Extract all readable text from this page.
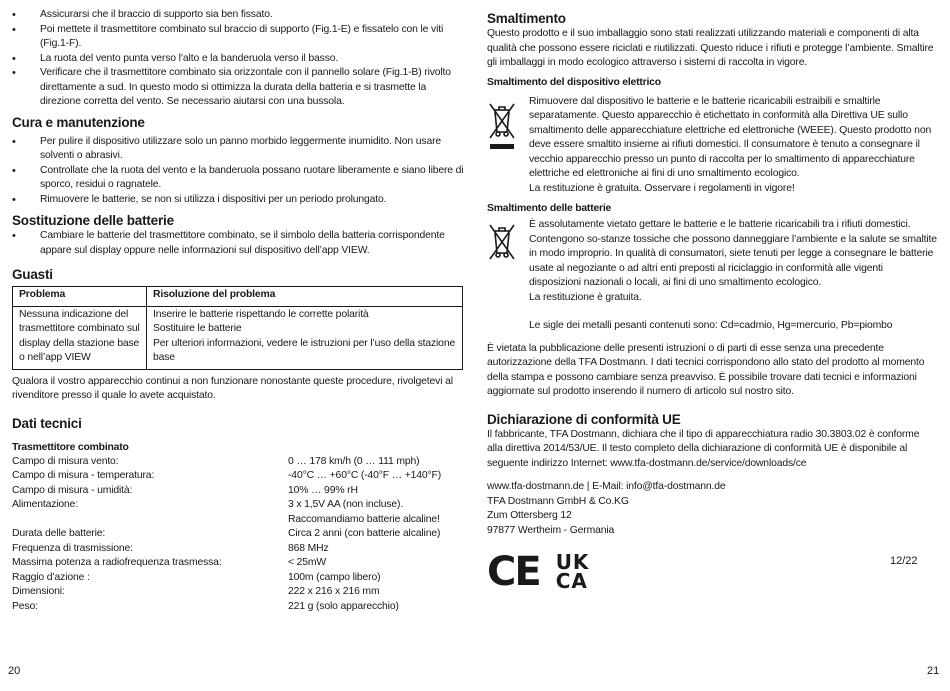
• Assicurarsi che il braccio di supporto sia ben fissato.
• Poi mettete il trasmettitore combinato sul braccio di supporto (Fig.1-E) e fissatelo con le viti (Fig.1-F).
• La ruota del vento punta verso l’alto e la banderuola verso il basso.
• Verificare che il trasmettitore combinato sia orizzontale con il pannello solare (Fig.1-B) rivolto direttamente a sud. In questo modo si ottimizza la durata della batteria e si trasmette la direzione corretta del vento. Se necessario aiutarsi con una bussola.
Cura e manutenzione
• Per pulire il dispositivo utilizzare solo un panno morbido leggermente inumidito. Non usare solventi o abrasivi.
• Controllate che la ruota del vento e la banderuola possano ruotare liberamente e siano libere di sporco, residui o ragnatele.
• Rimuovere le batterie, se non si utilizza i dispositivi per un periodo prolungato.
Sostituzione delle batterie
• Cambiare le batterie del trasmettitore combinato, se il simbolo della batteria corrispondente appare sul display oppure nelle informazioni sul dispositivo dell’app VIEW.
Guasti
Problema	Risoluzione del problema
Nessuna indicazione del trasmettitore combinato sul display della stazione base o nell’app VIEW	Inserire le batterie rispettando le corrette polarità
Sostituire le batterie
Per ulteriori informazioni, vedere le istruzioni per l’uso della stazione base
Qualora il vostro apparecchio continui a non funzionare nonostante queste procedure, rivolgetevi al rivenditore presso il quale lo avete acquistato.
Dati tecnici
Trasmettitore combinato
Campo di misura vento:	0 … 178 km/h (0 … 111 mph)
Campo di misura - temperatura:	-40°C … +60°C (-40°F … +140°F)
Campo di misura - umidità:	10% … 99% rH
Alimentazione:	3 x 1,5V AA (non incluse).
	Raccomandiamo batterie alcaline!
Durata delle batterie:	Circa 2 anni (con batterie alcaline)
Frequenza di trasmissione:	868 MHz
Massima potenza a radiofrequenza trasmessa:	< 25mW
Raggio d’azione :	100m (campo libero)
Dimensioni:	222 x 216 x 216 mm
Peso:	221 g (solo apparecchio)
20
Smaltimento
Questo prodotto e il suo imballaggio sono stati realizzati utilizzando materiali e componenti di alta qualità che possono essere riciclati e riutilizzati. Questo riduce i rifiuti e protegge l’ambiente. Smaltire gli imballaggi in modo ecologico attraverso i sistemi di raccolta in vigore.
Smaltimento del dispositivo elettrico
Rimuovere dal dispositivo le batterie e le batterie ricaricabili estraibili e smaltirle separatamente. Questo apparecchio è etichettato in conformità alla Direttiva UE sullo smaltimento delle apparecchiature elettriche ed elettroniche (WEEE). Questo prodotto non deve essere smaltito insieme ai rifiuti domestici. Il consumatore è tenuto a consegnare il vecchio apparecchio presso un punto di raccolta per lo smaltimento di apparecchiature elettriche ed elettroniche ai fini di uno smaltimento ecologico.
La restituzione è gratuita. Osservare i regolamenti in vigore!
Smaltimento delle batterie
È assolutamente vietato gettare le batterie e le batterie ricaricabili tra i rifiuti domestici. Contengono so-stanze tossiche che possono danneggiare l’ambiente e la salute se smaltite in modo improprio. In qualità di consumatori, siete tenuti per legge a consegnare le batterie usate al negoziante o ad altri enti preposti al riciclaggio in conformità alle vigenti disposizioni nazionali o locali, ai fini di uno smaltimento ecologico.
La restituzione è gratuita.
Le sigle dei metalli pesanti contenuti sono: Cd=cadmio, Hg=mercurio, Pb=piombo
È vietata la pubblicazione delle presenti istruzioni o di parti di esse senza una precedente autorizzazione della TFA Dostmann. I dati tecnici corrispondono allo stato del prodotto al momento della stampa e possono cambiare senza preavviso. È possibile trovare dati tecnici e informazioni aggiornate sul prodotto inserendo il numero di articolo sul nostro sito.
Dichiarazione di conformità UE
Il fabbricante, TFA Dostmann, dichiara che il tipo di apparecchiatura radio 30.3803.02 è conforme alla direttiva 2014/53/UE. Il testo completo della dichiarazione di conformità UE è disponibile al seguente indirizzo Internet: www.tfa-dostmann.de/service/downloads/ce
www.tfa-dostmann.de | E-Mail: info@tfa-dostmann.de
TFA Dostmann GmbH & Co.KG
Zum Ottersberg 12
97877 Wertheim - Germania
CE UK
CA
12/22
21
